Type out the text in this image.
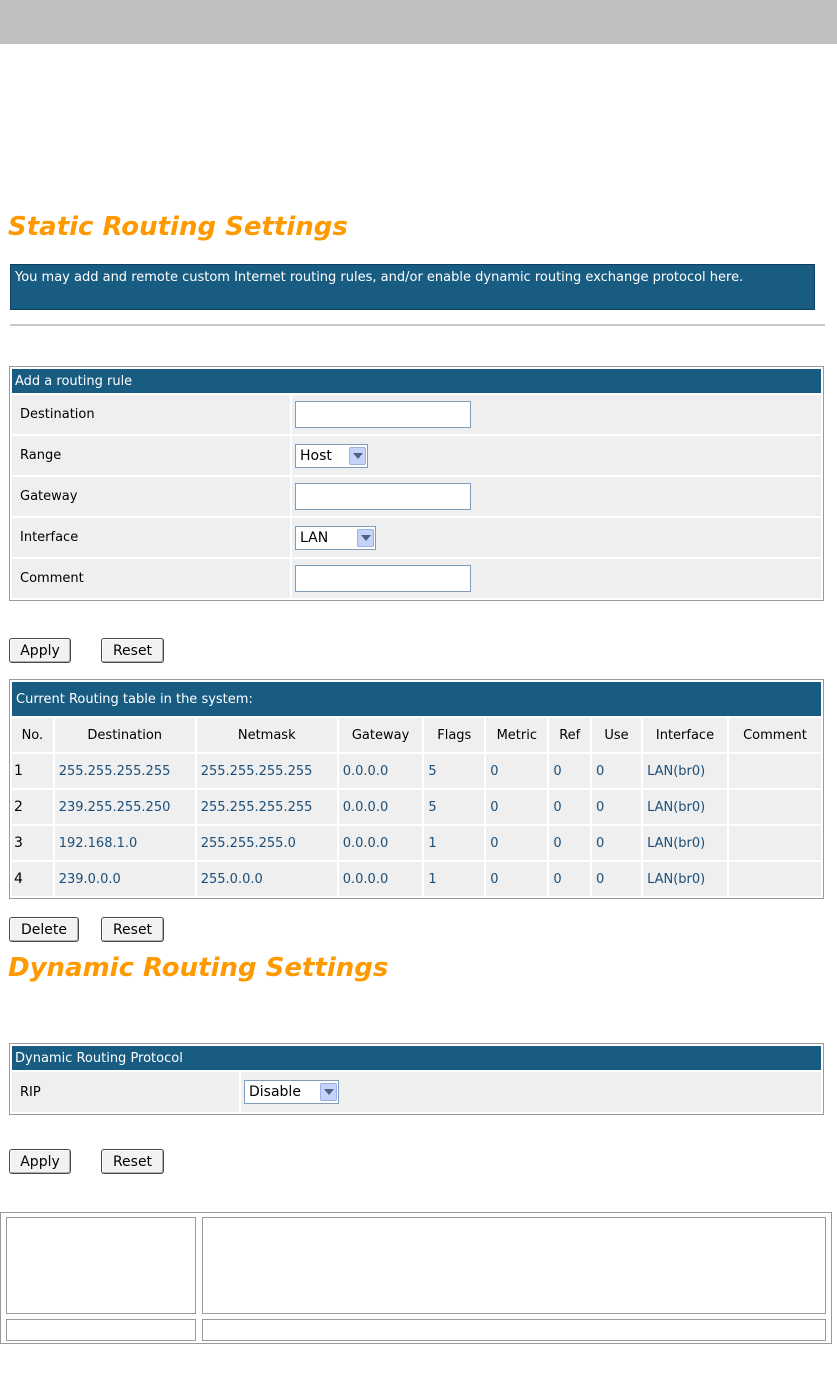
Static Routing Settings
You may add and remote custom Internet routing rules, and/or enable dynamic routing exchange protocol here.
Add a routing rule	
Destination	
Range	Host

Gateway	
Interface	LAN

Comment	
Apply	Reset
Current Routing table in the system:									
No.	Destination	Netmask	Gateway	Flags	Metric	Ref	Use	Interface	Comment
1	255.255.255.255	255.255.255.255	0.0.0.0	5	0	0	0	LAN(br0)	
2	239.255.255.250	255.255.255.255	0.0.0.0	5	0	0	0	LAN(br0)	
3	192.168.1.0	255.255.255.0	0.0.0.0	1	0	0	0	LAN(br0)	
4	239.0.0.0	255.0.0.0	0.0.0.0	1	0	0	0	LAN(br0)	
Delete	Reset
Dynamic Routing Settings
Dynamic Routing Protocol
RIP	Disable
Apply	Reset
